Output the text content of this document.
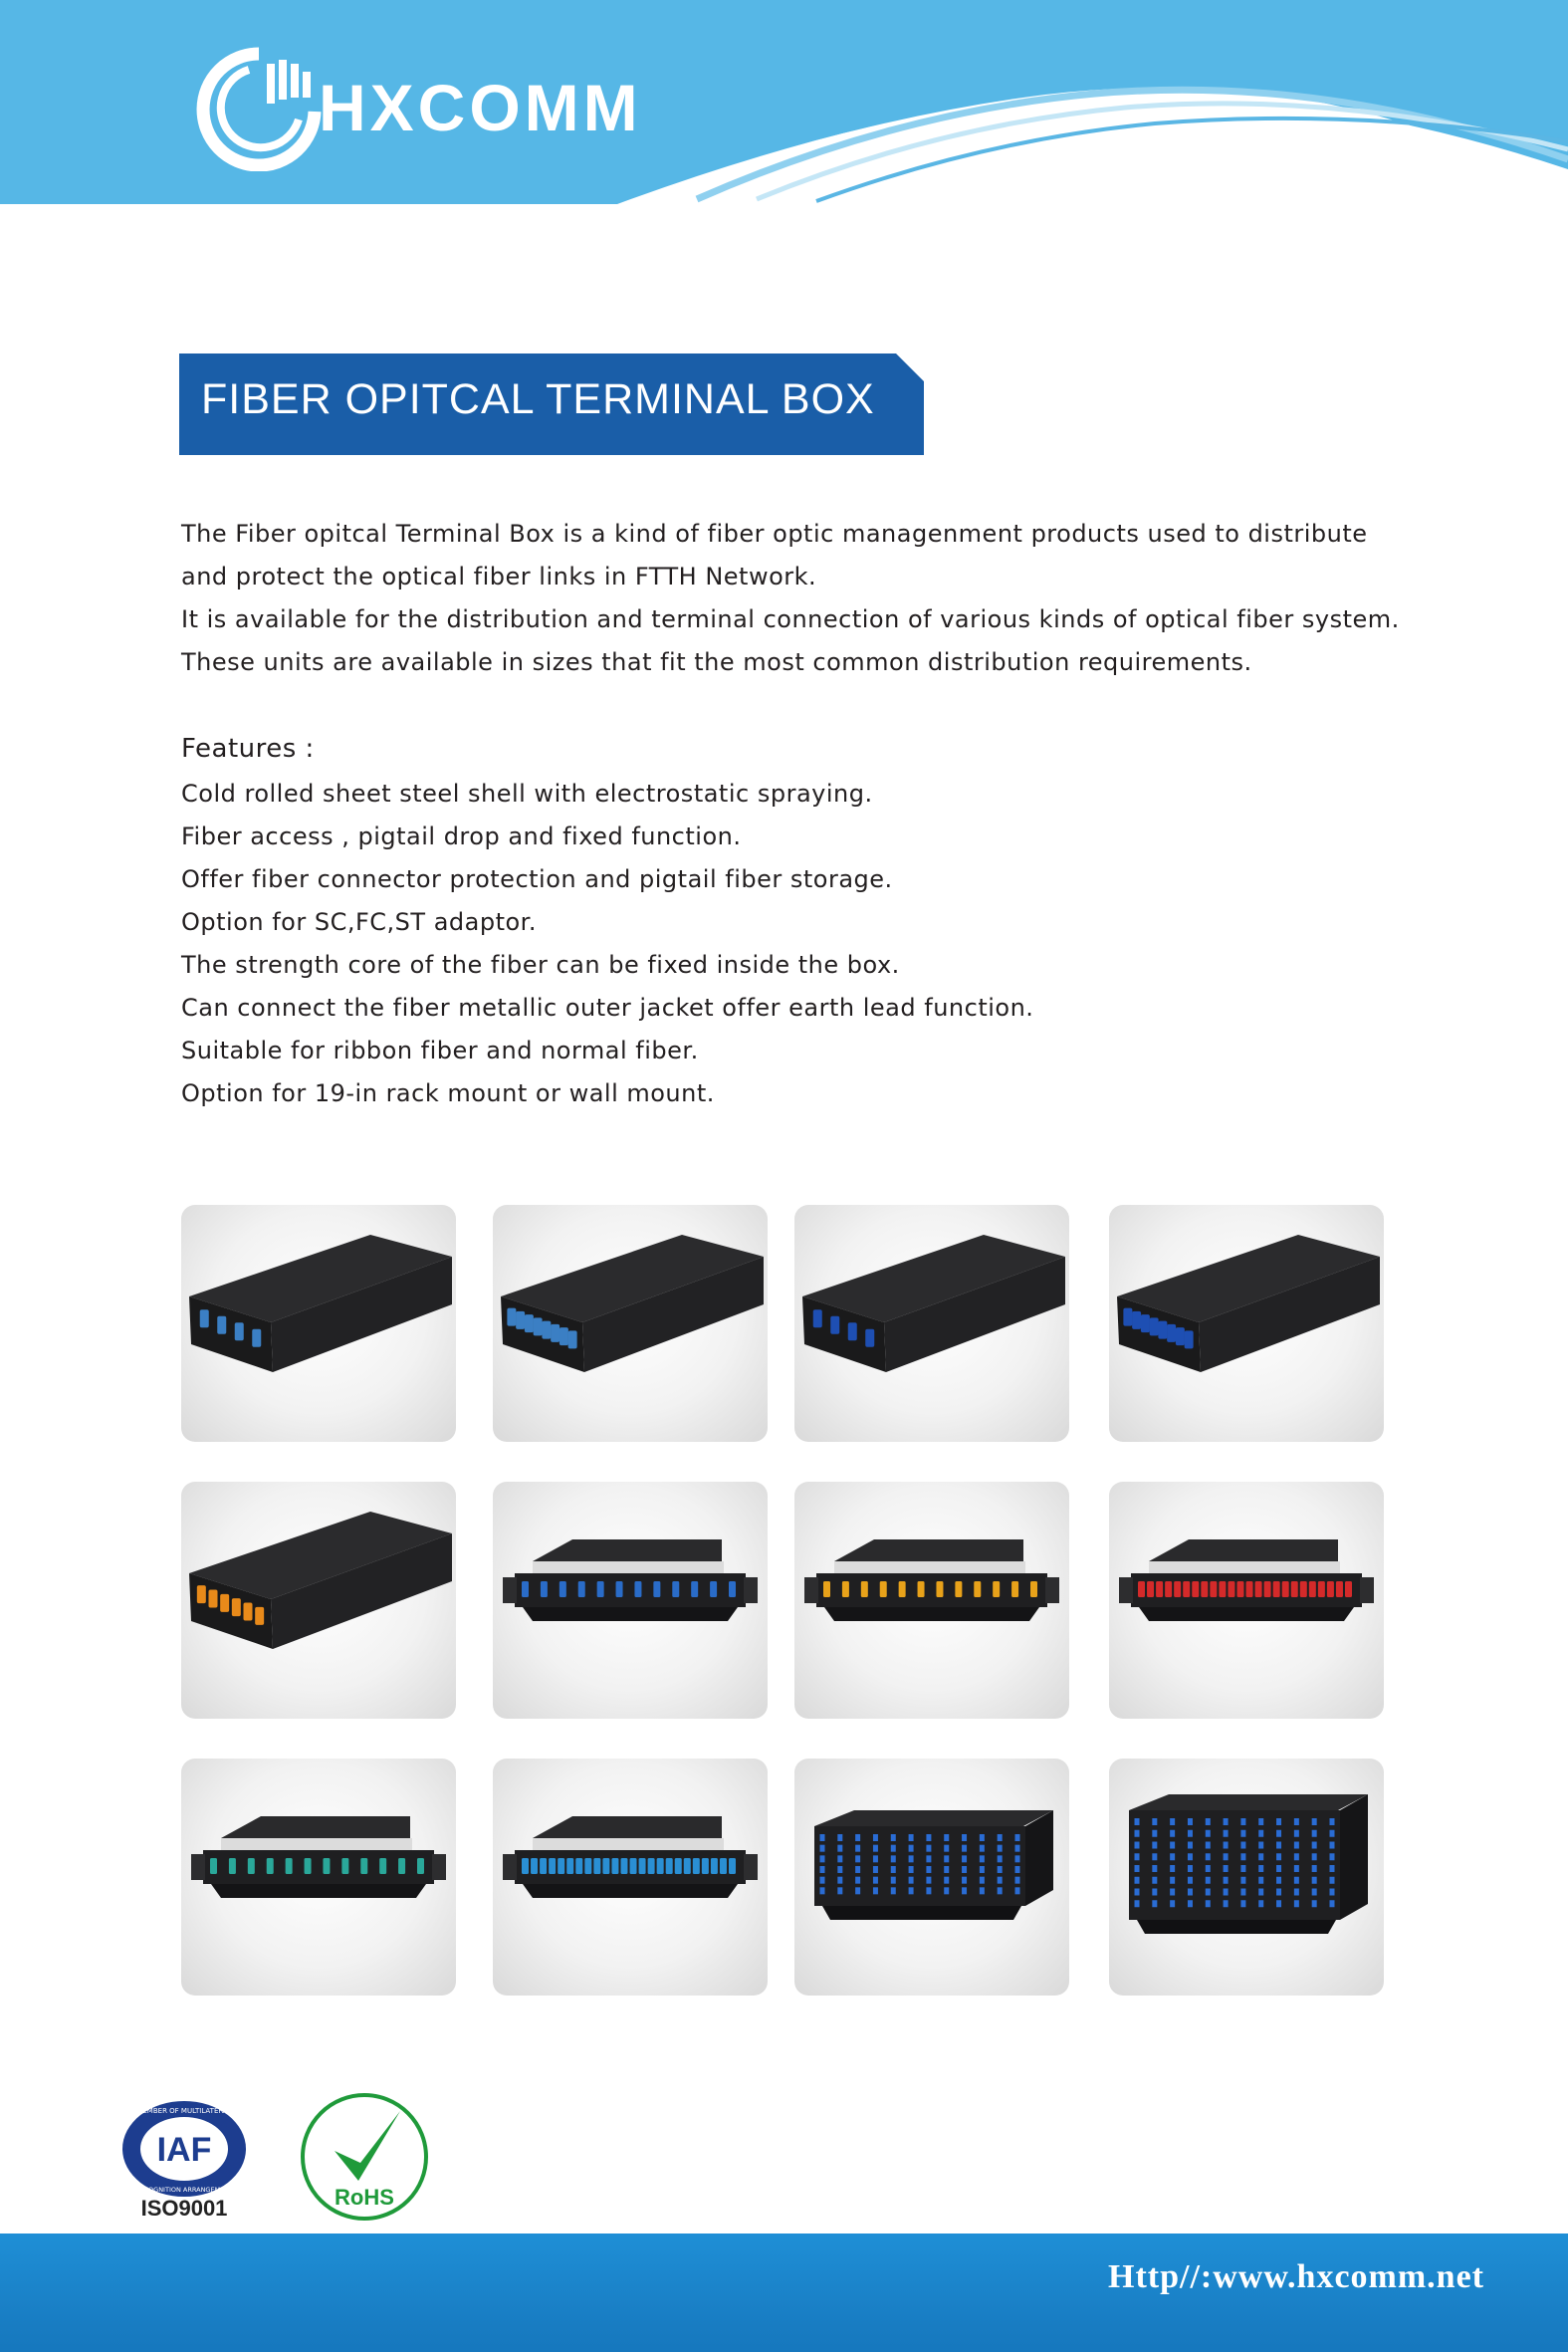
HXCOMM
FIBER OPITCAL TERMINAL BOX

The Fiber opitcal Terminal Box is a kind of fiber optic managenment products used to distribute

and protect the optical fiber links in FTTH Network.

It is available for the distribution and terminal connection of various kinds of optical fiber system.

These units are available in sizes that fit the most common distribution requirements.

Features :

Cold rolled sheet steel shell with electrostatic spraying.

Fiber access , pigtail drop and fixed function.

Offer fiber connector protection and pigtail fiber storage.

Option for SC,FC,ST adaptor.

The strength core of the fiber can be fixed inside the box.

Can connect the fiber metallic outer jacket offer earth lead function.

Suitable for ribbon fiber and normal fiber.

Option for 19-in rack mount or wall mount.

IAF
MEMBER OF MULTILATERAL
RECOGNITION ARRANGEMENT
ISO9001	RoHS
Http//:www.hxcomm.net
